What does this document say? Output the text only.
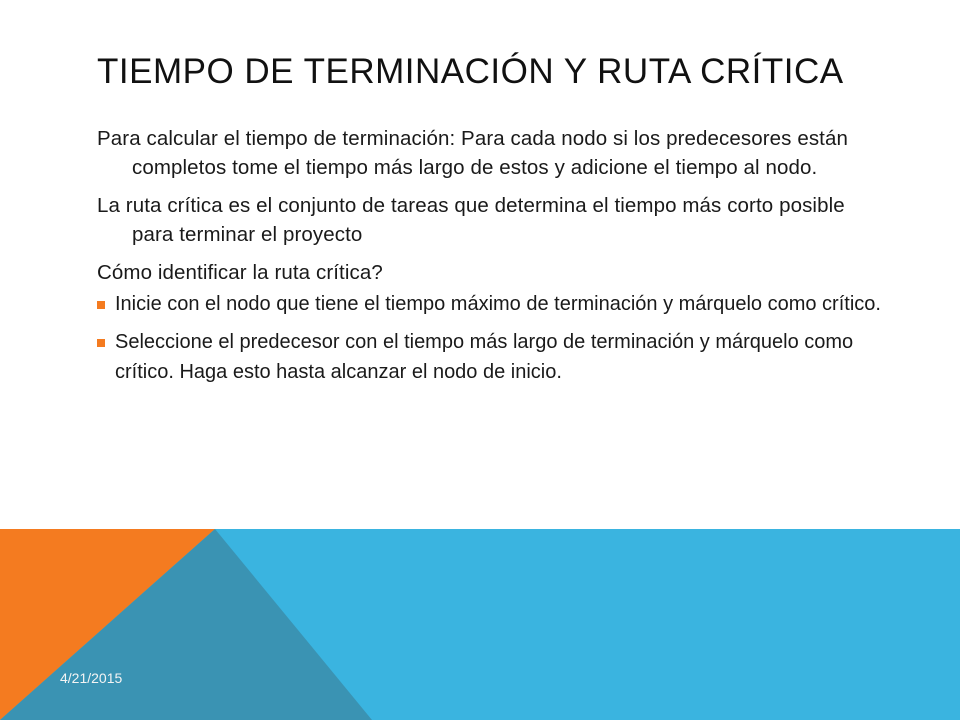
TIEMPO DE TERMINACIÓN Y RUTA CRÍTICA

Para calcular el tiempo de terminación: Para cada nodo si los predecesores están completos tome el tiempo más largo de estos y adicione el tiempo al nodo.

La ruta crítica es el conjunto de tareas que determina el tiempo más corto posible para terminar el proyecto

Cómo identificar la ruta crítica?

Inicie con el nodo que tiene el tiempo máximo de terminación y márquelo como crítico.
Seleccione el predecesor con el tiempo más largo de terminación y márquelo como crítico. Haga esto hasta alcanzar el nodo de inicio.
4/21/2015
